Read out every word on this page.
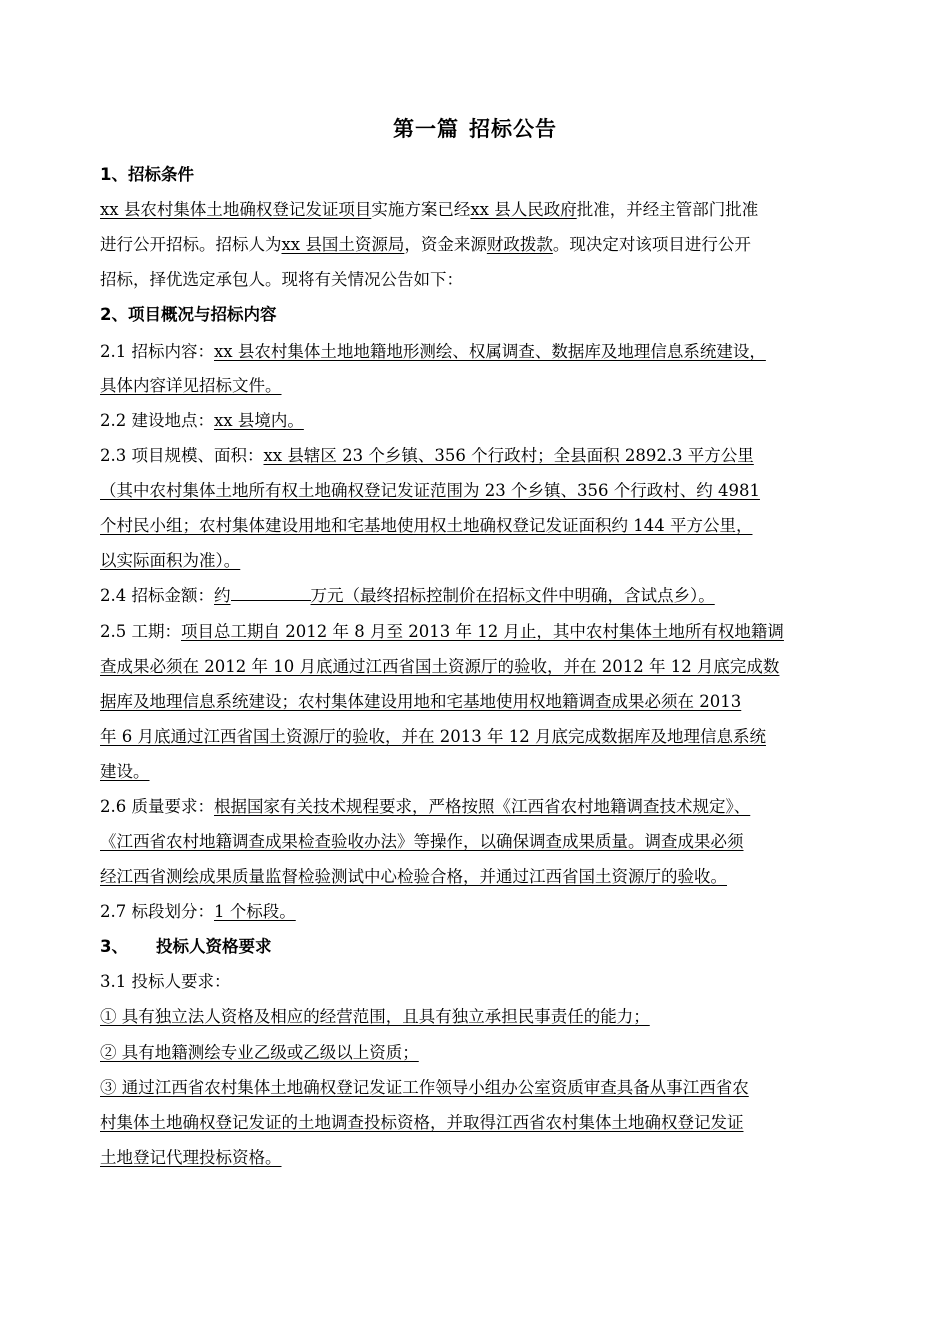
第一篇 招标公告
1、招标条件
xx 县农村集体土地确权登记发证项目实施方案已经xx 县人民政府批准，并经主管部门批准
进行公开招标。招标人为xx 县国土资源局，资金来源财政拨款。现决定对该项目进行公开
招标，择优选定承包人。现将有关情况公告如下：
2、项目概况与招标内容
2.1 招标内容：xx 县农村集体土地地籍地形测绘、权属调查、数据库及地理信息系统建设，
具体内容详见招标文件。
2.2 建设地点：xx 县境内。
2.3 项目规模、面积：xx 县辖区 23 个乡镇、356 个行政村；全县面积 2892.3 平方公里
（其中农村集体土地所有权土地确权登记发证范围为 23 个乡镇、356 个行政村、约 4981
个村民小组；农村集体建设用地和宅基地使用权土地确权登记发证面积约 144 平方公里，
以实际面积为准）。
2.4 招标金额：约	万元（最终招标控制价在招标文件中明确，含试点乡）。
2.5 工期：项目总工期自 2012 年 8 月至 2013 年 12 月止，其中农村集体土地所有权地籍调
查成果必须在 2012 年 10 月底通过江西省国土资源厅的验收，并在 2012 年 12 月底完成数
据库及地理信息系统建设；农村集体建设用地和宅基地使用权地籍调查成果必须在 2013
年 6 月底通过江西省国土资源厅的验收，并在 2013 年 12 月底完成数据库及地理信息系统
建设。
2.6 质量要求：根据国家有关技术规程要求，严格按照《江西省农村地籍调查技术规定》、
《江西省农村地籍调查成果检查验收办法》等操作，以确保调查成果质量。调查成果必须
经江西省测绘成果质量监督检验测试中心检验合格，并通过江西省国土资源厅的验收。
2.7 标段划分：1 个标段。
3、 投标人资格要求
3.1 投标人要求：
① 具有独立法人资格及相应的经营范围，且具有独立承担民事责任的能力；
② 具有地籍测绘专业乙级或乙级以上资质；
③ 通过江西省农村集体土地确权登记发证工作领导小组办公室资质审查具备从事江西省农
村集体土地确权登记发证的土地调查投标资格，并取得江西省农村集体土地确权登记发证
土地登记代理投标资格。
